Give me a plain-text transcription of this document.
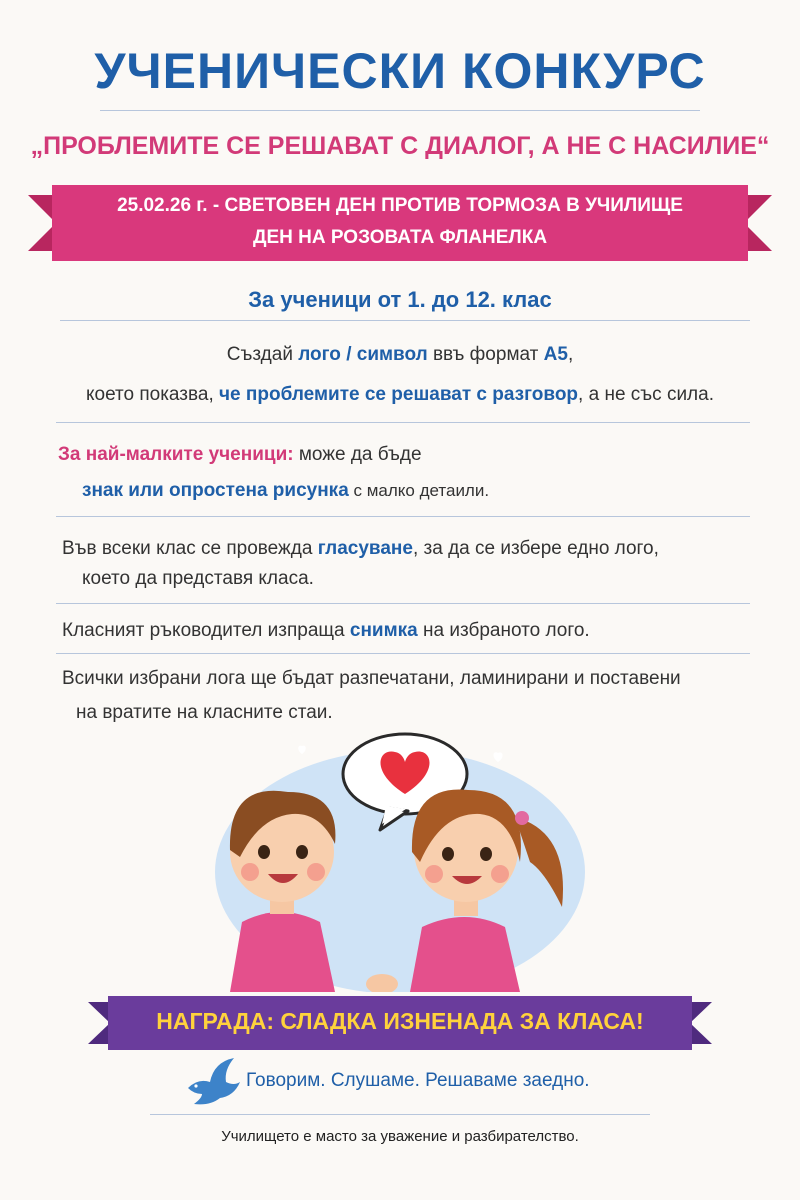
УЧЕНИЧЕСКИ КОНКУРС
„ПРОБЛЕМИТЕ СЕ РЕШАВАТ С ДИАЛОГ, А НЕ С НАСИЛИЕ“
25.02.26 г. - СВЕТОВЕН ДЕН ПРОТИВ ТОРМОЗА В УЧИЛИЩЕ
ДЕН НА РОЗОВАТА ФЛАНЕЛКА
За ученици от 1. до 12. клас
Създай лого / символ ввъ формат А5,
което показва, че проблемите се решават с разговор, а не със сила.
За най-малките ученици: може да бъде
знак или опростена рисунка с малко детаили.
Във всеки клас се провежда гласуване, за да се избере едно лого,
което да представя класа.
Класният ръководител изпраща снимка на избраното лого.
Всички избрани лога ще бъдат разпечатани, ламинирани и поставени
на вратите на класните стаи.
НАГРАДА: СЛАДКА ИЗНЕНАДА ЗА КЛАСА!
Говорим. Слушаме. Решаваме заедно.
Училището е масто за уважение и разбирателство.
